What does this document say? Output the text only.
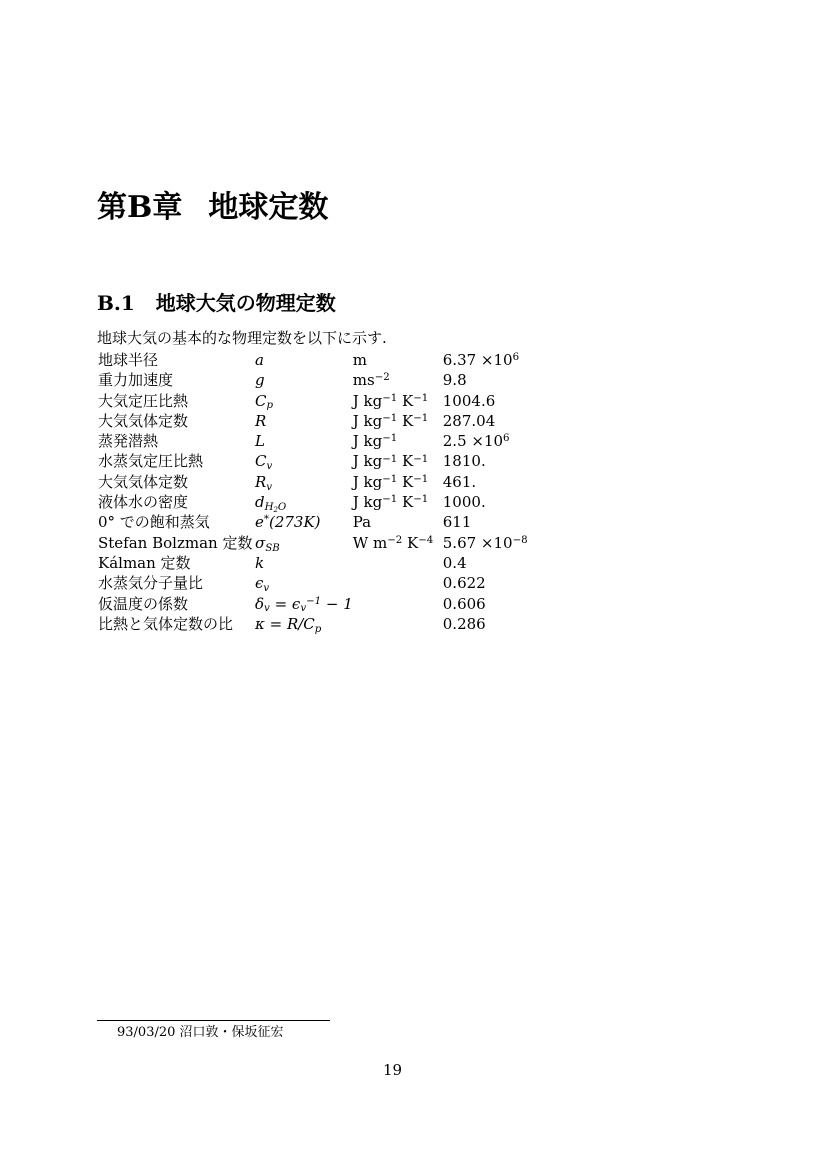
第B章 地球定数
B.1 地球大気の物理定数
地球大気の基本的な物理定数を以下に示す.
地球半径	a	m	$6.37 \times 10^6$
重力加速度	g	$ms^{-2}$	9.8
大気定圧比熱	$C_p$	J $kg^{-1}$ $K^{-1}$	1004.6
大気気体定数	R	J $kg^{-1}$ $K^{-1}$	287.04
蒸発潜熱	L	J $kg^{-1}$	$2.5 \times 10^6$
水蒸気定圧比熱	$C_v$	J $kg^{-1}$ $K^{-1}$	1810.
大気気体定数	$R_v$	J $kg^{-1}$ $K^{-1}$	461.
液体水の密度	$d_{H_2O}$	J $kg^{-1}$ $K^{-1}$	1000.
0° での飽和蒸気	e*(273K)	Pa	611
Stefan Bolzman 定数	$\sigma_{SB}$	W $m^{-2}$ $K^{-4}$	$5.67 \times 10^{-8}$
Kálman 定数	k		0.4
水蒸気分子量比	$\epsilon_v$		0.622
仮温度の係数	$\delta_v = \epsilon_v^{-1} - 1$		0.606
比熱と気体定数の比	$\kappa = R/C_p$		0.286
93/03/20 沼口敦・保坂征宏
19
